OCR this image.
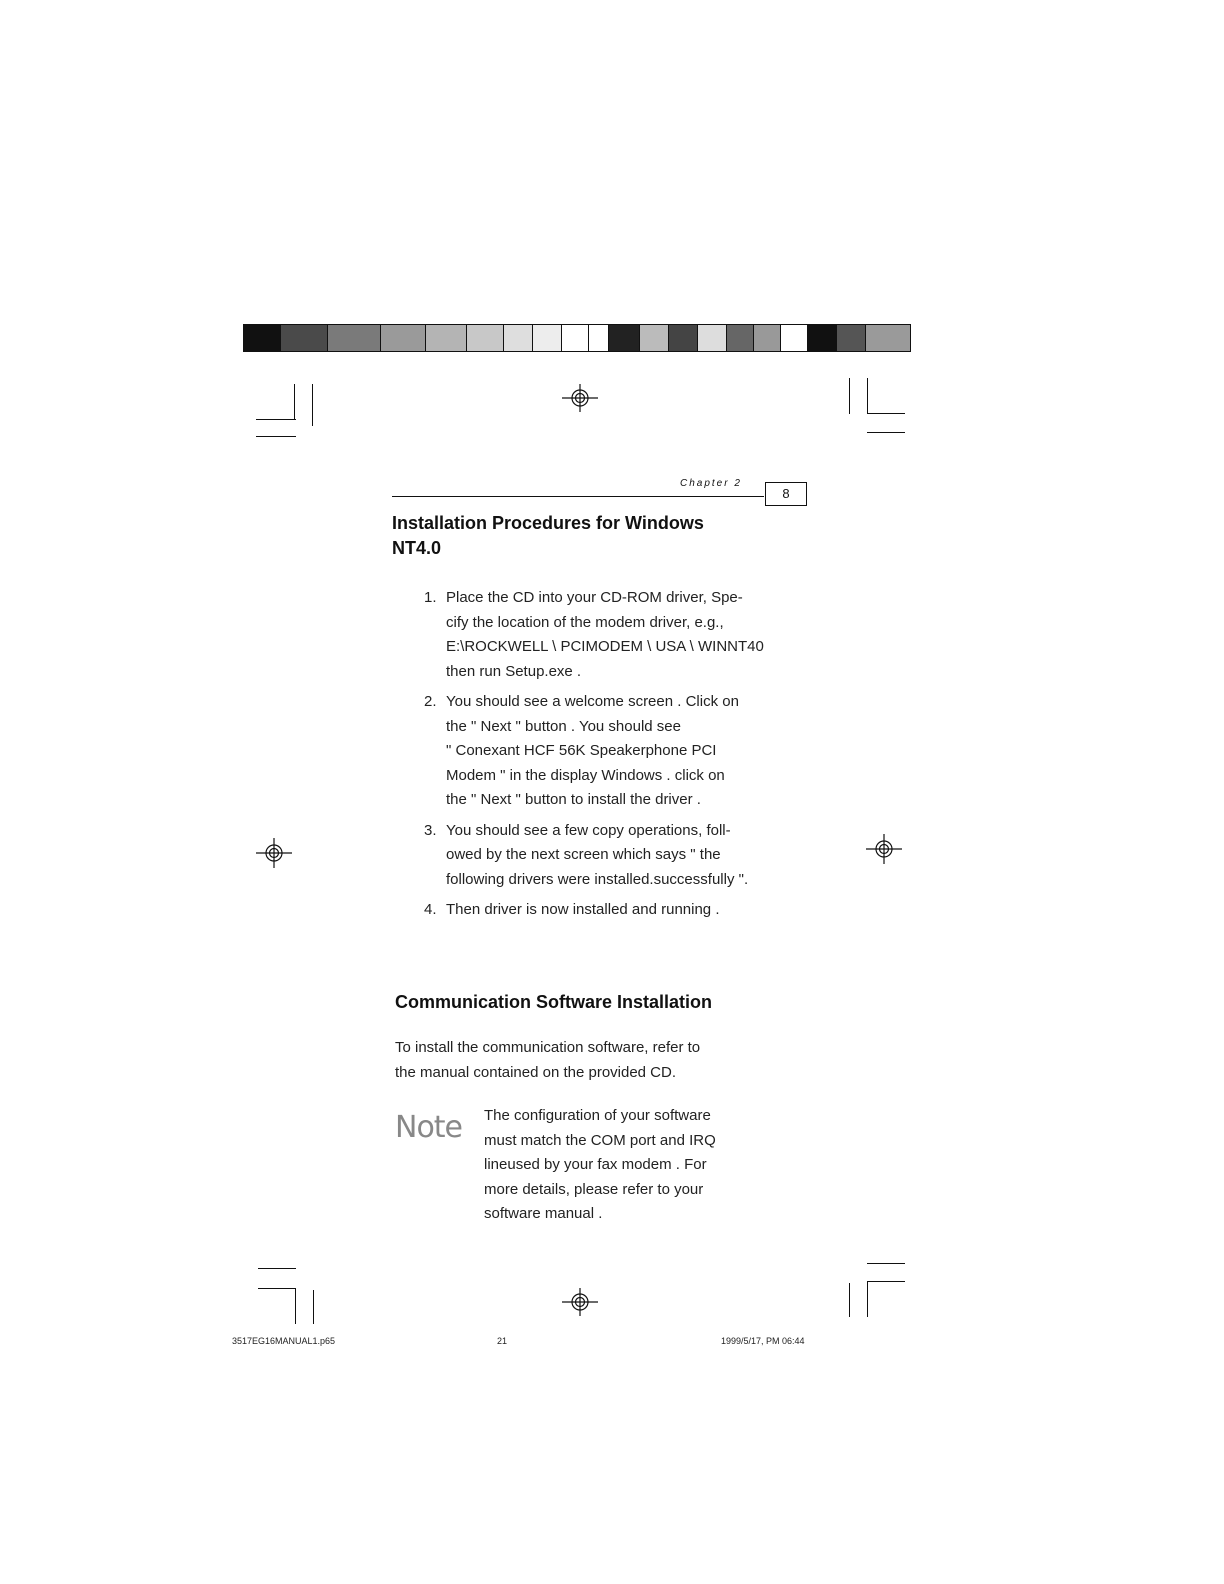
Chapter 2
8
Installation Procedures for Windows
NT4.0
1. Place the CD into your CD-ROM driver, Spe-
cify the location of the modem driver, e.g.,
E:\ROCKWELL \ PCIMODEM \ USA \ WINNT40
then run Setup.exe .
2. You should see a welcome screen . Click on
the " Next " button . You should see
" Conexant HCF 56K Speakerphone PCI
Modem " in the display Windows . click on
the " Next " button to install the driver .
3. You should see a few copy operations, foll-
owed by the next screen which says " the
following drivers were installed.successfully ".
4. Then driver is now installed and running .
Communication Software Installation
To install the communication software, refer to
the manual contained on the provided CD.
Note The configuration of your software
must match the COM port and IRQ
lineused by your fax modem . For
more details, please refer to your
software manual .
3517EG16MANUAL1.p65	21	1999/5/17, PM 06:44
